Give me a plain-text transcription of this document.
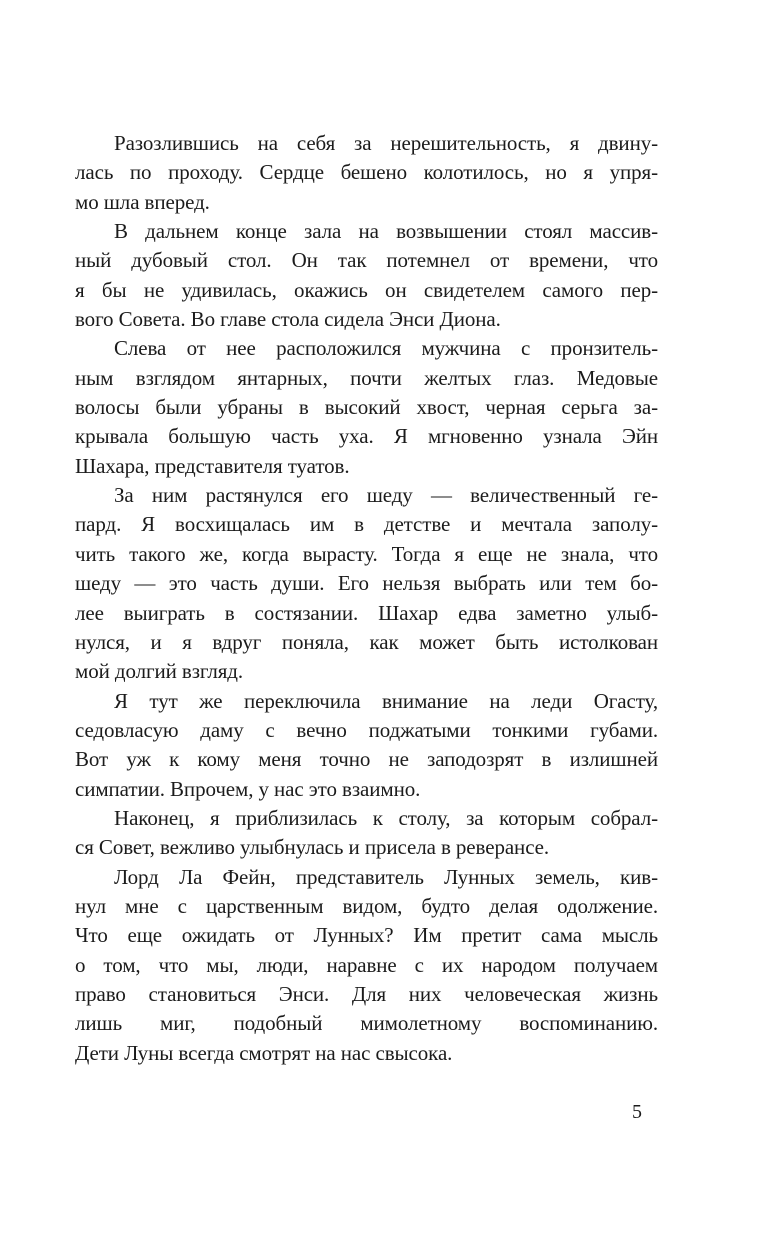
Разозлившись на себя за нерешительность, я двину-
лась по проходу. Сердце бешено колотилось, но я упря-
мо шла вперед.
В дальнем конце зала на возвышении стоял массив-
ный дубовый стол. Он так потемнел от времени, что
я бы не удивилась, окажись он свидетелем самого пер-
вого Совета. Во главе стола сидела Энси Диона.
Слева от нее расположился мужчина с пронзитель-
ным взглядом янтарных, почти желтых глаз. Медовые
волосы были убраны в высокий хвост, черная серьга за-
крывала большую часть уха. Я мгновенно узнала Эйн
Шахара, представителя туатов.
За ним растянулся его шеду — величественный ге-
пард. Я восхищалась им в детстве и мечтала заполу-
чить такого же, когда вырасту. Тогда я еще не знала, что
шеду — это часть души. Его нельзя выбрать или тем бо-
лее выиграть в состязании. Шахар едва заметно улыб-
нулся, и я вдруг поняла, как может быть истолкован
мой долгий взгляд.
Я тут же переключила внимание на леди Огасту,
седовласую даму с вечно поджатыми тонкими губами.
Вот уж к кому меня точно не заподозрят в излишней
симпатии. Впрочем, у нас это взаимно.
Наконец, я приблизилась к столу, за которым собрал-
ся Совет, вежливо улыбнулась и присела в реверансе.
Лорд Ла Фейн, представитель Лунных земель, кив-
нул мне с царственным видом, будто делая одолжение.
Что еще ожидать от Лунных? Им претит сама мысль
о том, что мы, люди, наравне с их народом получаем
право становиться Энси. Для них человеческая жизнь
лишь миг, подобный мимолетному воспоминанию.
Дети Луны всегда смотрят на нас свысока.
5
